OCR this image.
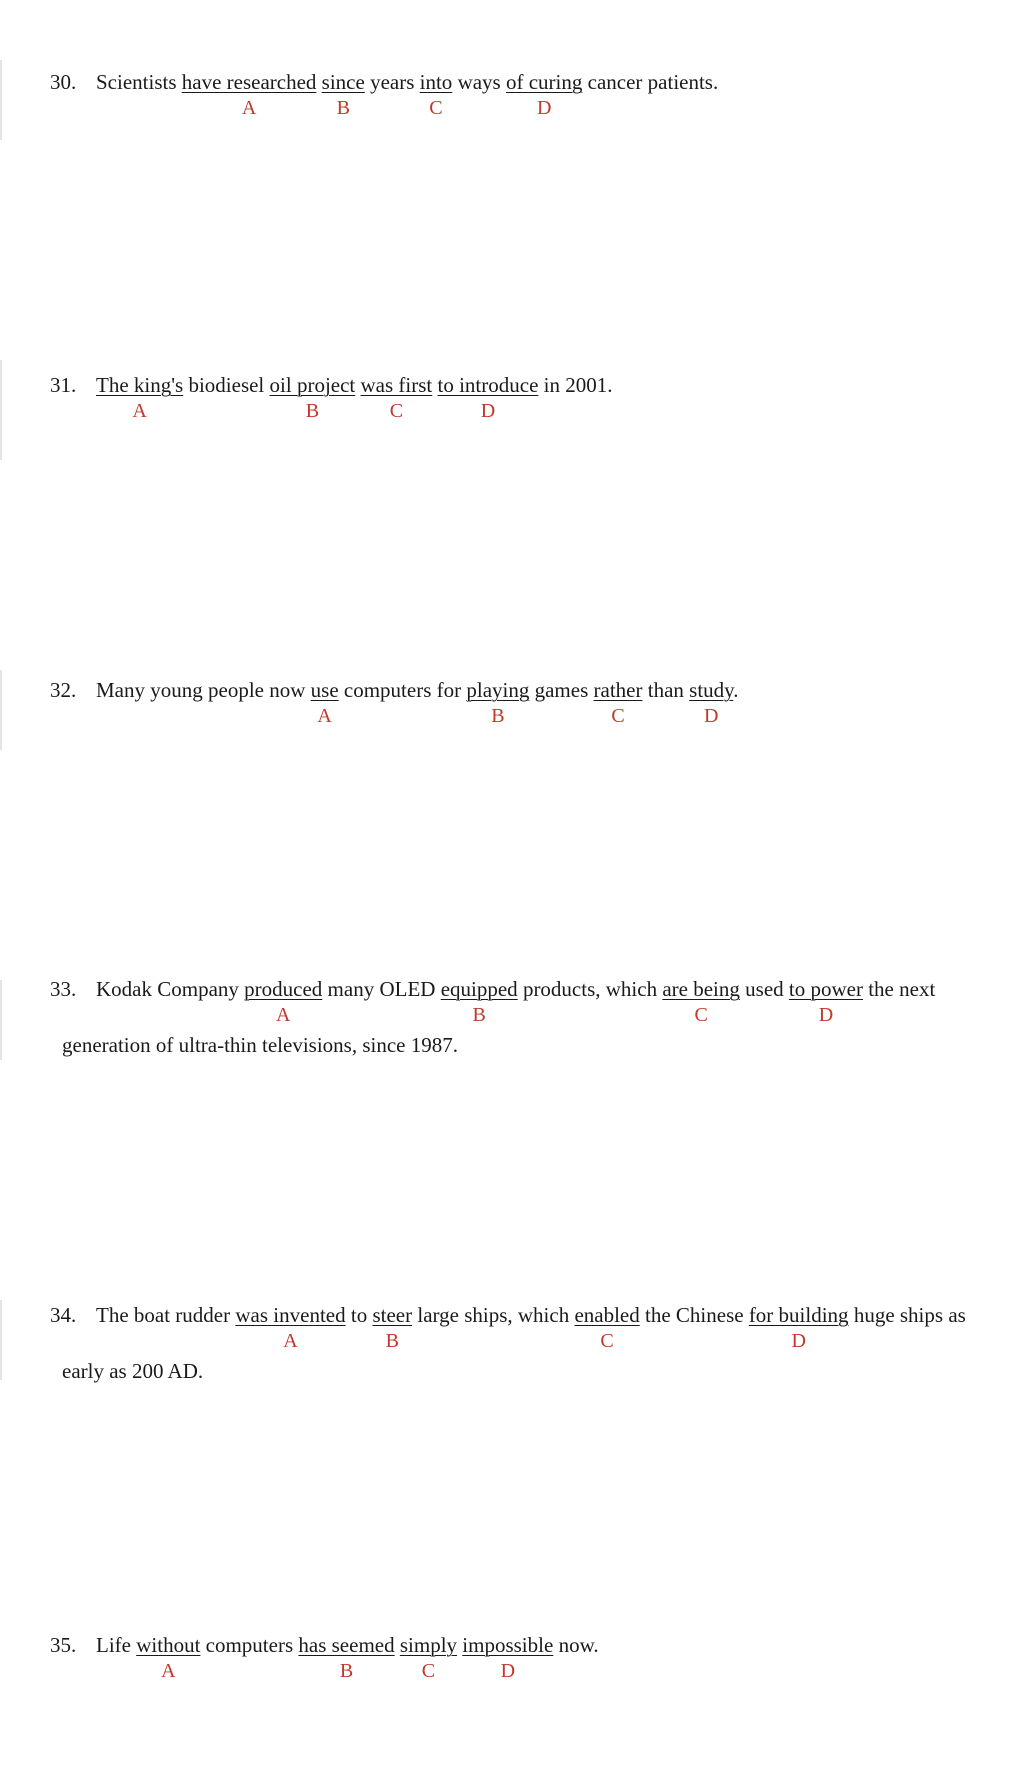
30. Scientists have researched since years into ways of curing cancer patients.
A	B	C	D
31. The king's biodiesel oil project was first to introduce in 2001.
A	B	C	D
32. Many young people now use computers for playing games rather than study.
A	B	C	D
33. Kodak Company produced many OLED equipped products, which are being used to power the next
generation of ultra-thin televisions, since 1987.
A	B	C	D
34. The boat rudder was invented to steer large ships, which enabled the Chinese for building huge ships as
early as 200 AD.
A	B	C	D
35. Life without computers has seemed simply impossible now.
A	B	C	D
